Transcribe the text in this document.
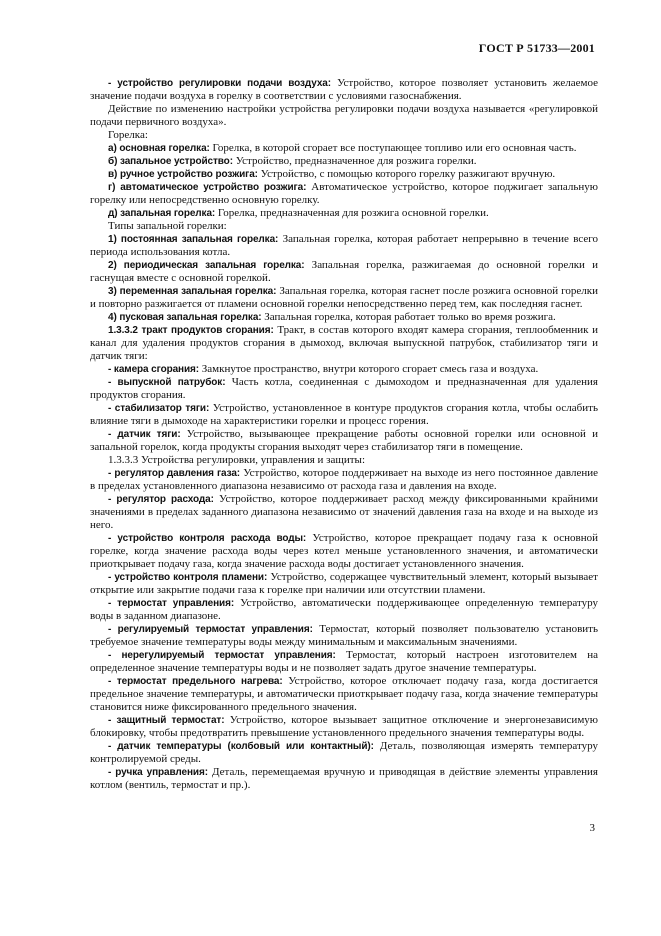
ГОСТ Р 51733—2001

- устройство регулировки подачи воздуха: Устройство, которое позволяет установить желаемое значение подачи воздуха в горелку в соответствии с условиями газоснабжения.

Действие по изменению настройки устройства регулировки подачи воздуха называется «регулировкой подачи первичного воздуха».

Горелка:

а) основная горелка: Горелка, в которой сгорает все поступающее топливо или его основная часть.

б) запальное устройство: Устройство, предназначенное для розжига горелки.

в) ручное устройство розжига: Устройство, с помощью которого горелку разжигают вручную.

г) автоматическое устройство розжига: Автоматическое устройство, которое поджигает запальную горелку или непосредственно основную горелку.

д) запальная горелка: Горелка, предназначенная для розжига основной горелки.

Типы запальной горелки:

1) постоянная запальная горелка: Запальная горелка, которая работает непрерывно в течение всего периода использования котла.

2) периодическая запальная горелка: Запальная горелка, разжигаемая до основной горелки и гаснущая вместе с основной горелкой.

3) переменная запальная горелка: Запальная горелка, которая гаснет после розжига основной горелки и повторно разжигается от пламени основной горелки непосредственно перед тем, как последняя гаснет.

4) пусковая запальная горелка: Запальная горелка, которая работает только во время розжига.

1.3.3.2 тракт продуктов сгорания: Тракт, в состав которого входят камера сгорания, теплообменник и канал для удаления продуктов сгорания в дымоход, включая выпускной патрубок, стабилизатор тяги и датчик тяги:

- камера сгорания: Замкнутое пространство, внутри которого сгорает смесь газа и воздуха.

- выпускной патрубок: Часть котла, соединенная с дымоходом и предназначенная для удаления продуктов сгорания.

- стабилизатор тяги: Устройство, установленное в контуре продуктов сгорания котла, чтобы ослабить влияние тяги в дымоходе на характеристики горелки и процесс горения.

- датчик тяги: Устройство, вызывающее прекращение работы основной горелки или основной и запальной горелок, когда продукты сгорания выходят через стабилизатор тяги в помещение.

1.3.3.3 Устройства регулировки, управления и защиты:

- регулятор давления газа: Устройство, которое поддерживает на выходе из него постоянное давление в пределах установленного диапазона независимо от расхода газа и давления на входе.

- регулятор расхода: Устройство, которое поддерживает расход между фиксированными крайними значениями в пределах заданного диапазона независимо от значений давления газа на входе и на выходе из него.

- устройство контроля расхода воды: Устройство, которое прекращает подачу газа к основной горелке, когда значение расхода воды через котел меньше установленного значения, и автоматически приоткрывает подачу газа, когда значение расхода воды достигает установленного значения.

- устройство контроля пламени: Устройство, содержащее чувствительный элемент, который вызывает открытие или закрытие подачи газа к горелке при наличии или отсутствии пламени.

- термостат управления: Устройство, автоматически поддерживающее определенную температуру воды в заданном диапазоне.

- регулируемый термостат управления: Термостат, который позволяет пользователю установить требуемое значение температуры воды между минимальным и максимальным значениями.

- нерегулируемый термостат управления: Термостат, который настроен изготовителем на определенное значение температуры воды и не позволяет задать другое значение температуры.

- термостат предельного нагрева: Устройство, которое отключает подачу газа, когда достигается предельное значение температуры, и автоматически приоткрывает подачу газа, когда значение температуры становится ниже фиксированного предельного значения.

- защитный термостат: Устройство, которое вызывает защитное отключение и энергонезависимую блокировку, чтобы предотвратить превышение установленного предельного значения температуры воды.

- датчик температуры (колбовый или контактный): Деталь, позволяющая измерять температуру контролируемой среды.

- ручка управления: Деталь, перемещаемая вручную и приводящая в действие элементы управления котлом (вентиль, термостат и пр.).

3
